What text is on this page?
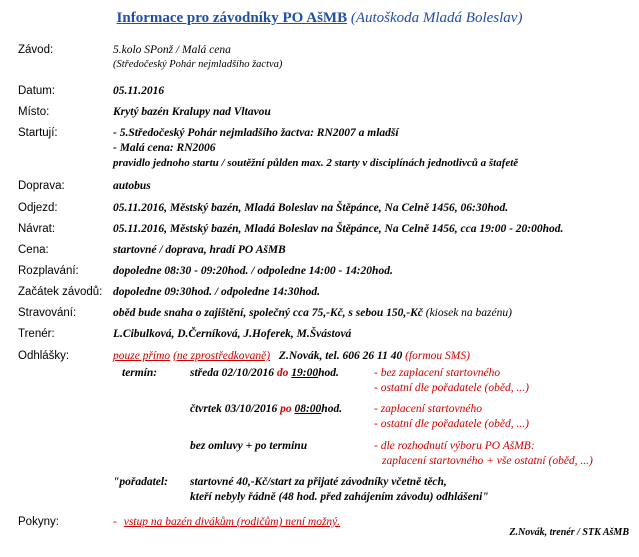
Informace pro závodníky PO AšMB (Autoškoda Mladá Boleslav)
Závod:	5.kolo SPonž / Malá cena
(Středočeský Pohár nejmladšího žactva)
Datum:	05.11.2016
Místo:	Krytý bazén Kralupy nad Vltavou
Startují:	- 5.Středočeský Pohár nejmladšího žactva: RN2007 a mladší
- Malá cena: RN2006
pravidlo jednoho startu / soutěžní půlden max. 2 starty v disciplínách jednotlivců a štafetě
Doprava:	autobus
Odjezd:	05.11.2016, Městský bazén, Mladá Boleslav na Štěpánce, Na Celně 1456, 06:30hod.
Návrat:	05.11.2016, Městský bazén, Mladá Boleslav na Štěpánce, Na Celně 1456, cca 19:00 - 20:00hod.
Cena:	startovné / doprava, hradí PO AšMB
Rozplavání:	dopoledne 08:30 - 09:20hod. / odpoledne 14:00 - 14:20hod.
Začátek závodů: dopoledne 09:30hod. / odpoledne 14:30hod.
Stravování:	oběd bude snaha o zajištění, společný cca 75,-Kč, s sebou 150,-Kč (kiosek na bazénu)
Trenér:	L.Cibulková, D.Černíková, J.Hoferek, M.Švástová
Odhlášky:	pouze přímo (ne zprostředkovaně) Z.Novák, tel. 606 26 11 40 (formou SMS)
termín:	středa 02/10/2016 do 19:00hod.	- bez zaplacení startovného
- ostatní dle pořadatele (oběd, ...)
čtvrtek 03/10/2016 po 08:00hod.	- zaplacení startovného
- ostatní dle pořadatele (oběd, ...)
bez omluvy + po terminu	- dle rozhodnutí výboru PO AšMB:
zaplacení startovného + vše ostatní (oběd, ...)
"pořadatel: startovné 40,-Kč/start za přijaté závodníky včetně těch,
kteří nebyly řádně (48 hod. před zahájením závodu) odhlášeni"
Pokyny:	- vstup na bazén divákům (rodičům) není možný.
Z.Novák, trenér / STK AšMB
